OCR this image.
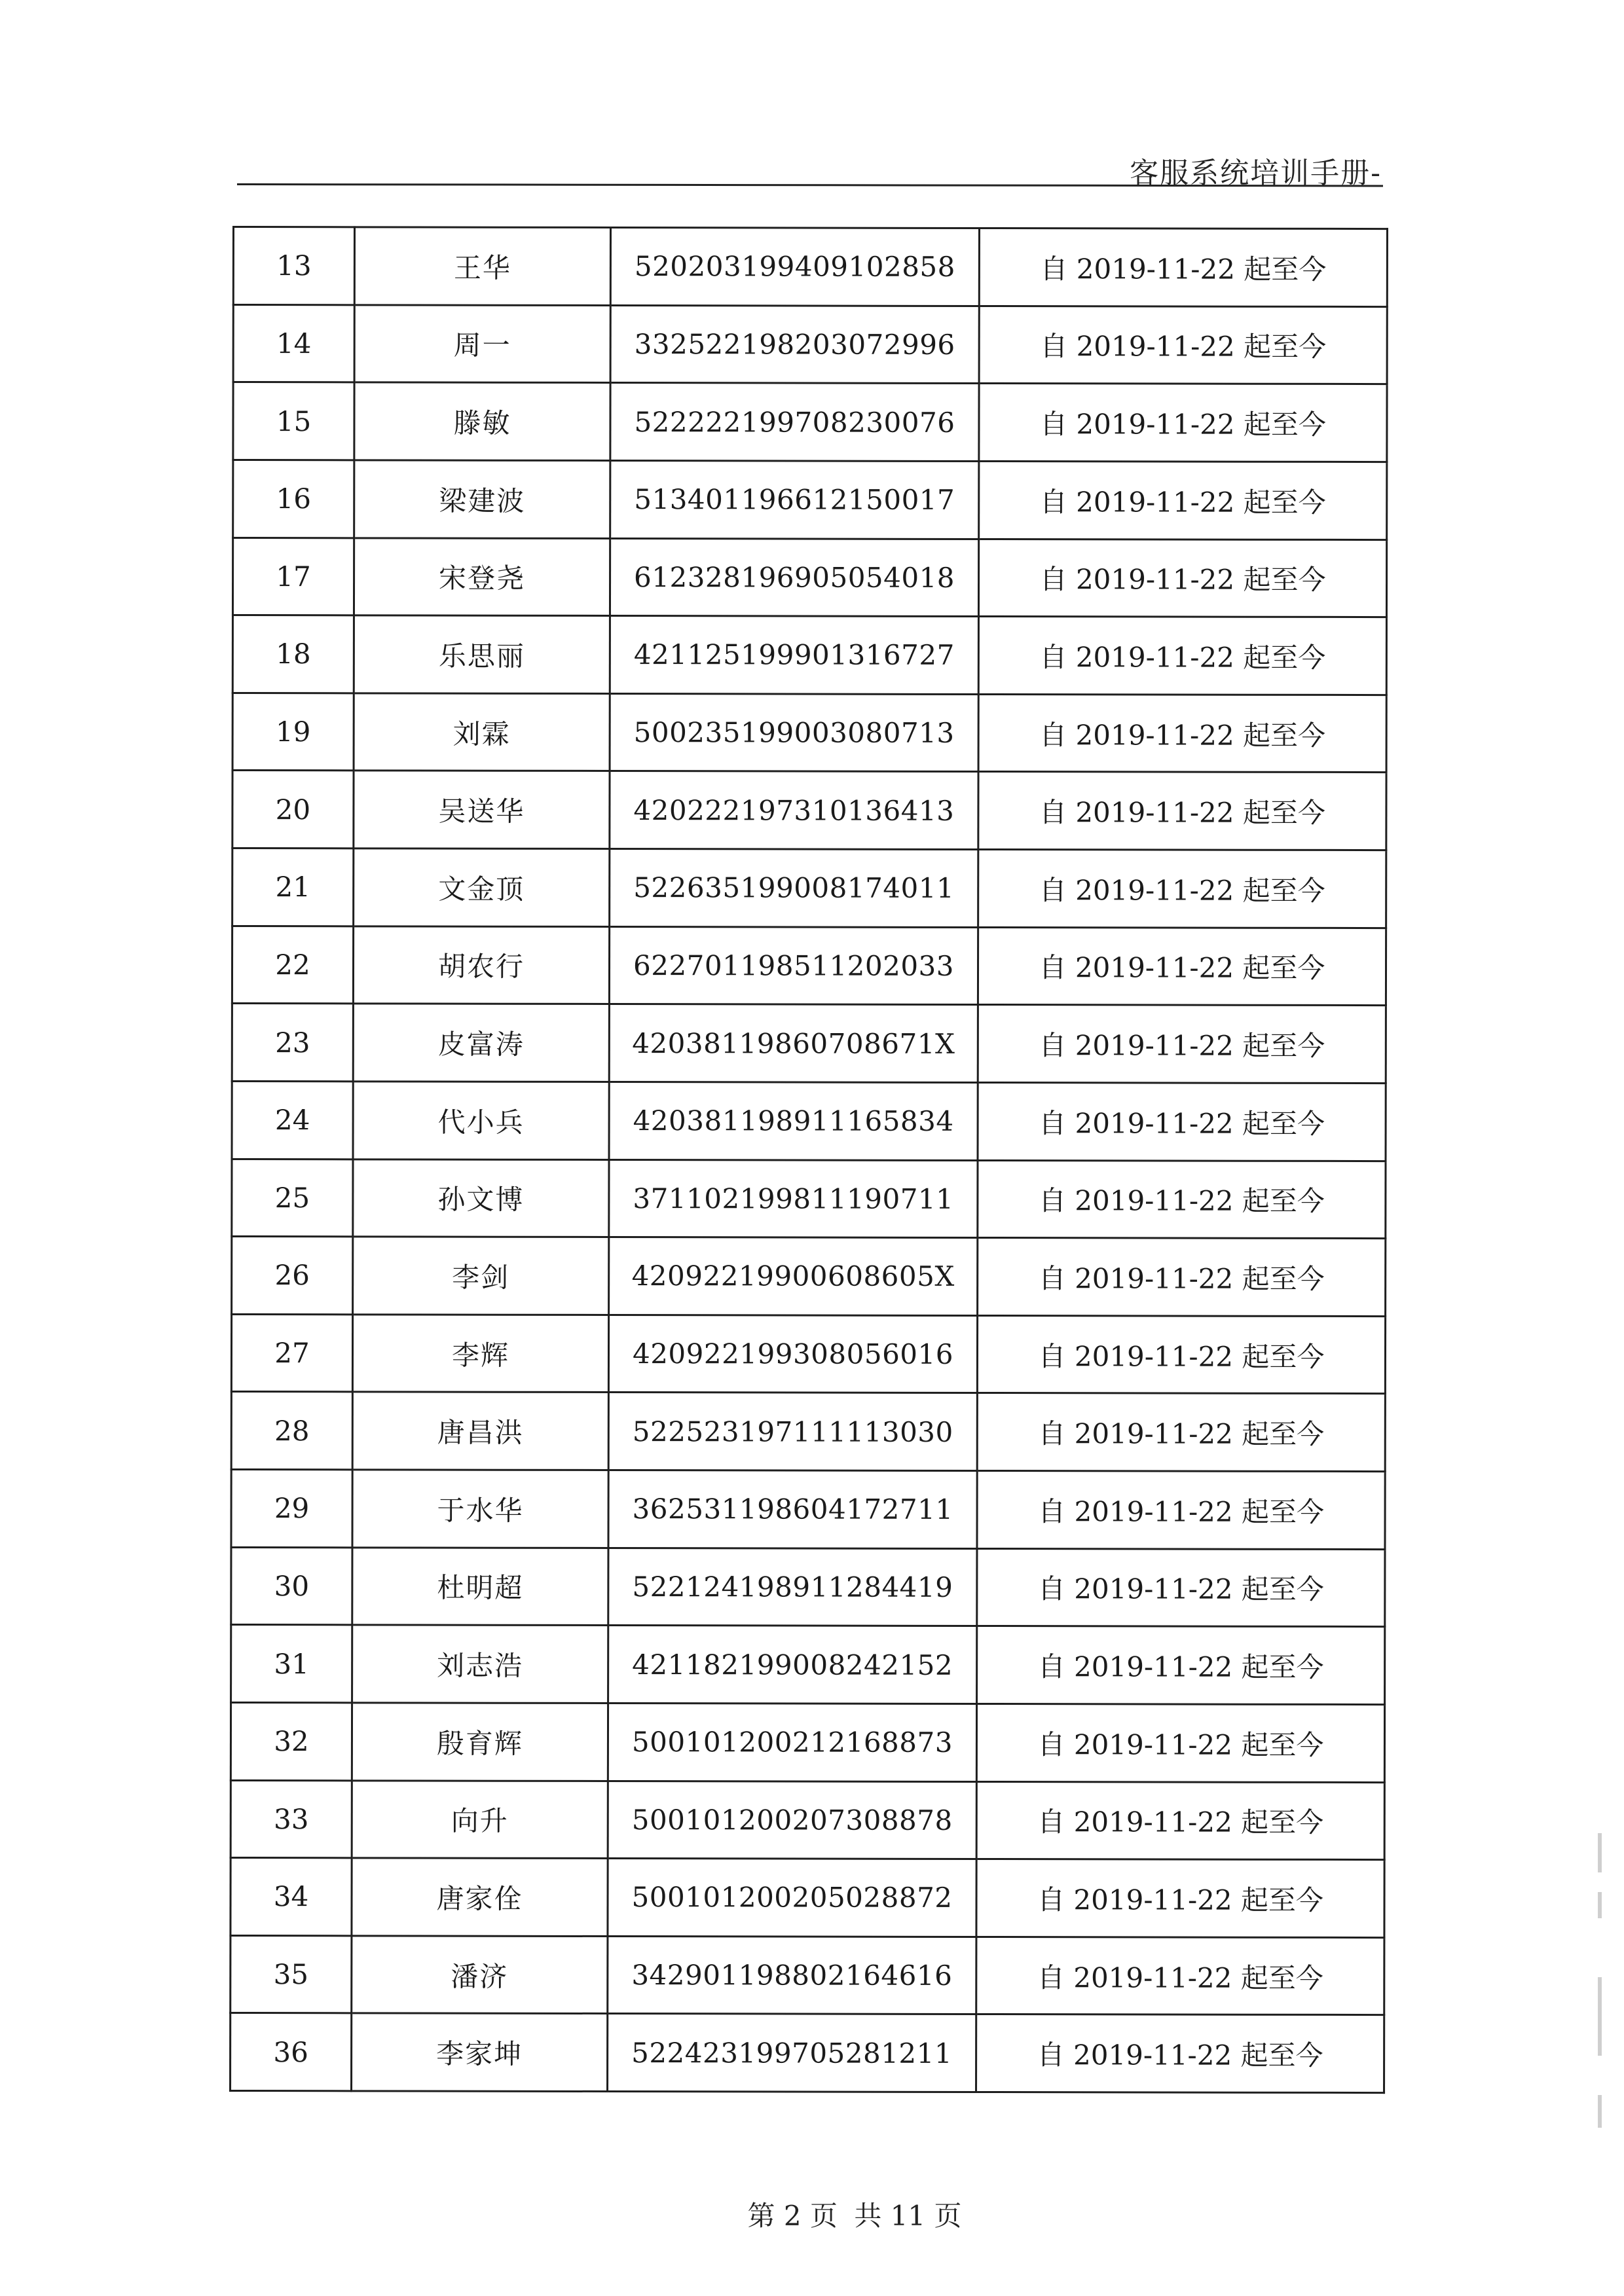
客服系统培训手册-
13	王华	520203199409102858	自 2019-11-22 起至今
14	周一	332522198203072996	自 2019-11-22 起至今
15	滕敏	522222199708230076	自 2019-11-22 起至今
16	梁建波	513401196612150017	自 2019-11-22 起至今
17	宋登尧	612328196905054018	自 2019-11-22 起至今
18	乐思丽	421125199901316727	自 2019-11-22 起至今
19	刘霖	500235199003080713	自 2019-11-22 起至今
20	吴送华	420222197310136413	自 2019-11-22 起至今
21	文金顶	522635199008174011	自 2019-11-22 起至今
22	胡农行	622701198511202033	自 2019-11-22 起至今
23	皮富涛	42038119860708671X	自 2019-11-22 起至今
24	代小兵	420381198911165834	自 2019-11-22 起至今
25	孙文博	371102199811190711	自 2019-11-22 起至今
26	李剑	42092219900608605X	自 2019-11-22 起至今
27	李辉	420922199308056016	自 2019-11-22 起至今
28	唐昌洪	522523197111113030	自 2019-11-22 起至今
29	于水华	362531198604172711	自 2019-11-22 起至今
30	杜明超	522124198911284419	自 2019-11-22 起至今
31	刘志浩	421182199008242152	自 2019-11-22 起至今
32	殷育辉	500101200212168873	自 2019-11-22 起至今
33	向升	500101200207308878	自 2019-11-22 起至今
34	唐家佺	500101200205028872	自 2019-11-22 起至今
35	潘济	342901198802164616	自 2019-11-22 起至今
36	李家坤	522423199705281211	自 2019-11-22 起至今
第 2 页 共 11 页
